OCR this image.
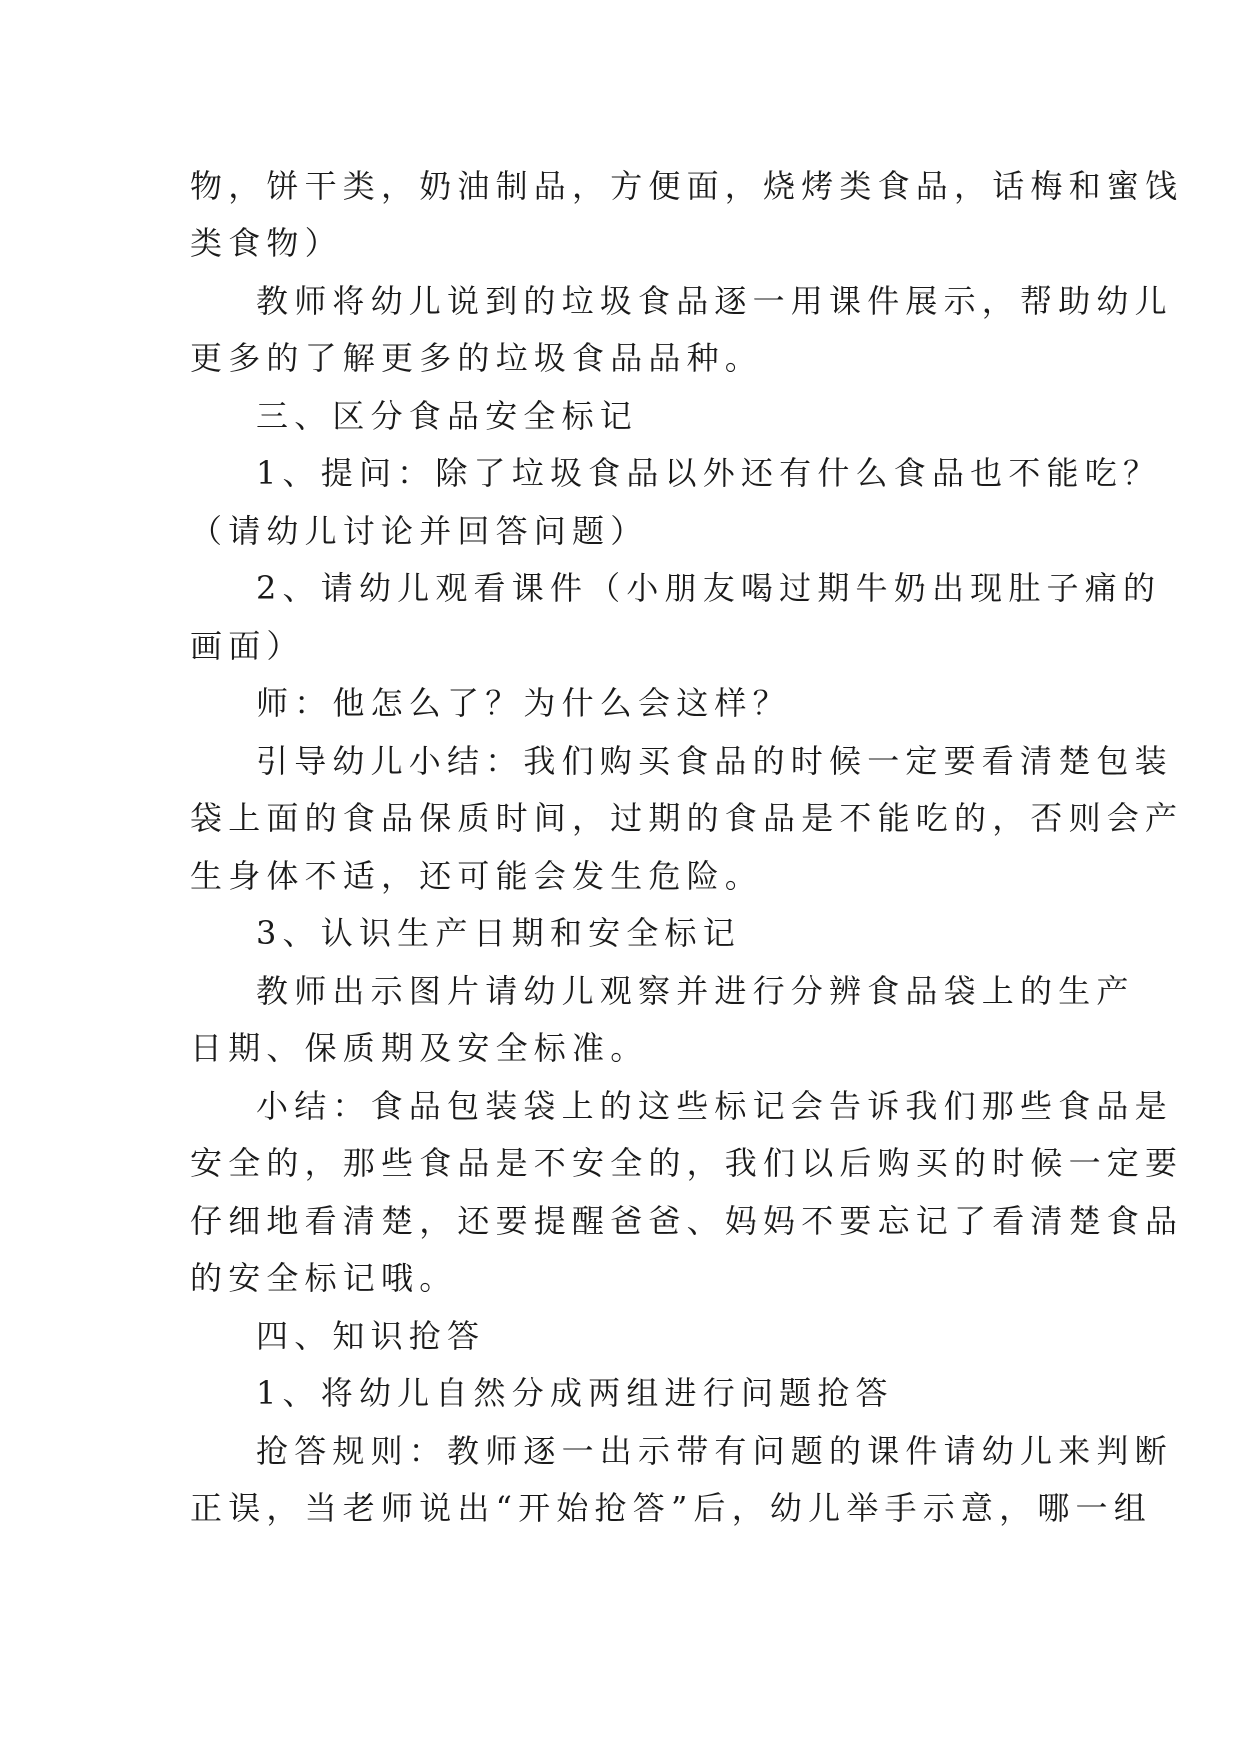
物，饼干类，奶油制品，方便面，烧烤类食品，话梅和蜜饯

类食物）

教师将幼儿说到的垃圾食品逐一用课件展示，帮助幼儿

更多的了解更多的垃圾食品品种。

三、区分食品安全标记

1、提问：除了垃圾食品以外还有什么食品也不能吃？

（请幼儿讨论并回答问题）

2、请幼儿观看课件（小朋友喝过期牛奶出现肚子痛的

画面）

师：他怎么了？为什么会这样？

引导幼儿小结：我们购买食品的时候一定要看清楚包装

袋上面的食品保质时间，过期的食品是不能吃的，否则会产

生身体不适，还可能会发生危险。

3、认识生产日期和安全标记

教师出示图片请幼儿观察并进行分辨食品袋上的生产

日期、保质期及安全标准。

小结：食品包装袋上的这些标记会告诉我们那些食品是

安全的，那些食品是不安全的，我们以后购买的时候一定要

仔细地看清楚，还要提醒爸爸、妈妈不要忘记了看清楚食品

的安全标记哦。

四、知识抢答

1、将幼儿自然分成两组进行问题抢答

抢答规则：教师逐一出示带有问题的课件请幼儿来判断

正误，当老师说出“开始抢答”后，幼儿举手示意，哪一组
